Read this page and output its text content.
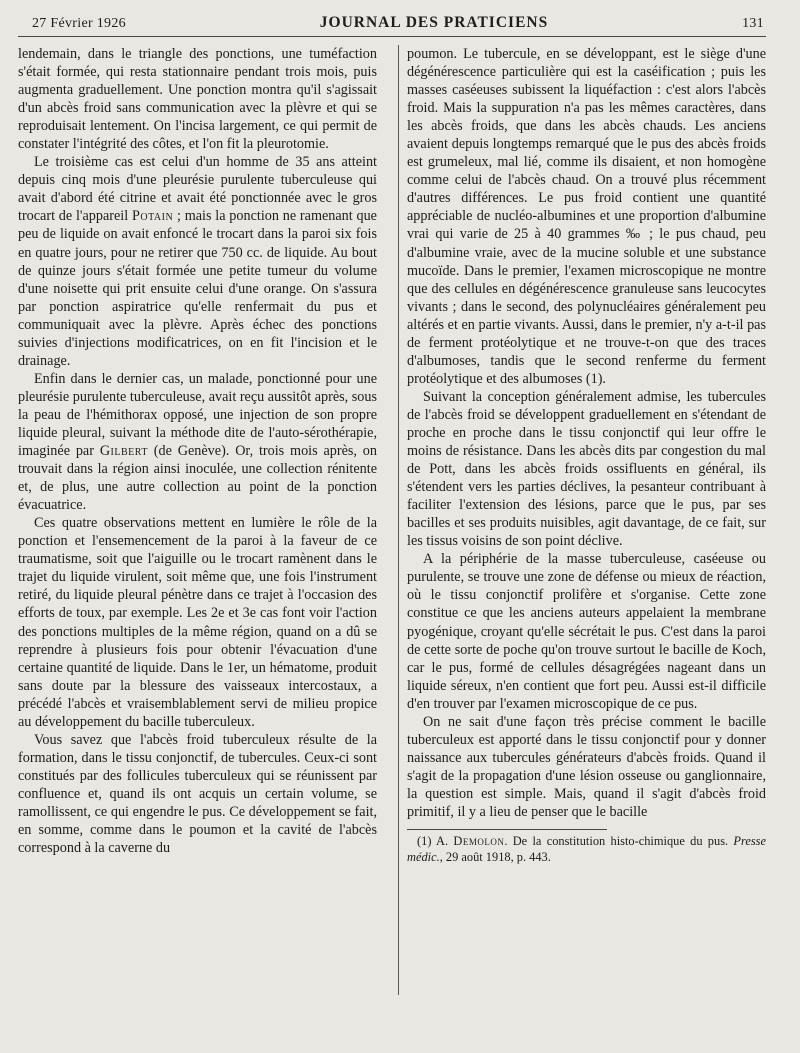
27 Février 1926	JOURNAL DES PRATICIENS	131

lendemain, dans le triangle des ponctions, une tuméfaction s'était formée, qui resta stationnaire pendant trois mois, puis augmenta graduellement. Une ponction montra qu'il s'agissait d'un abcès froid sans communication avec la plèvre et qui se reproduisait lentement. On l'incisa largement, ce qui permit de constater l'intégrité des côtes, et l'on fit la pleurotomie.

Le troisième cas est celui d'un homme de 35 ans atteint depuis cinq mois d'une pleurésie purulente tuberculeuse qui avait d'abord été citrine et avait été ponctionnée avec le gros trocart de l'appareil Potain ; mais la ponction ne ramenant que peu de liquide on avait enfoncé le trocart dans la paroi six fois en quatre jours, pour ne retirer que 750 cc. de liquide. Au bout de quinze jours s'était formée une petite tumeur du volume d'une noisette qui prit ensuite celui d'une orange. On s'assura par ponction aspiratrice qu'elle renfermait du pus et communiquait avec la plèvre. Après échec des ponctions suivies d'injections modificatrices, on en fit l'incision et le drainage.

Enfin dans le dernier cas, un malade, ponctionné pour une pleurésie purulente tuberculeuse, avait reçu aussitôt après, sous la peau de l'hémithorax opposé, une injection de son propre liquide pleural, suivant la méthode dite de l'auto-sérothérapie, imaginée par Gilbert (de Genève). Or, trois mois après, on trouvait dans la région ainsi inoculée, une collection rénitente et, de plus, une autre collection au point de la ponction évacuatrice.

Ces quatre observations mettent en lumière le rôle de la ponction et l'ensemencement de la paroi à la faveur de ce traumatisme, soit que l'aiguille ou le trocart ramènent dans le trajet du liquide virulent, soit même que, une fois l'instrument retiré, du liquide pleural pénètre dans ce trajet à l'occasion des efforts de toux, par exemple. Les 2e et 3e cas font voir l'action des ponctions multiples de la même région, quand on a dû se reprendre à plusieurs fois pour obtenir l'évacuation d'une certaine quantité de liquide. Dans le 1er, un hématome, produit sans doute par la blessure des vaisseaux intercostaux, a précédé l'abcès et vraisemblablement servi de milieu propice au développement du bacille tuberculeux.

Vous savez que l'abcès froid tuberculeux résulte de la formation, dans le tissu conjonctif, de tubercules. Ceux-ci sont constitués par des follicules tuberculeux qui se réunissent par confluence et, quand ils ont acquis un certain volume, se ramollissent, ce qui engendre le pus. Ce développement se fait, en somme, comme dans le poumon et la cavité de l'abcès correspond à la caverne du

poumon. Le tubercule, en se développant, est le siège d'une dégénérescence particulière qui est la caséification ; puis les masses caséeuses subissent la liquéfaction : c'est alors l'abcès froid. Mais la suppuration n'a pas les mêmes caractères, dans les abcès froids, que dans les abcès chauds. Les anciens avaient depuis longtemps remarqué que le pus des abcès froids est grumeleux, mal lié, comme ils disaient, et non homogène comme celui de l'abcès chaud. On a trouvé plus récemment d'autres différences. Le pus froid contient une quantité appréciable de nucléo-albumines et une proportion d'albumine vrai qui varie de 25 à 40 grammes ‰ ; le pus chaud, peu d'albumine vraie, avec de la mucine soluble et une substance mucoïde. Dans le premier, l'examen microscopique ne montre que des cellules en dégénérescence granuleuse sans leucocytes vivants ; dans le second, des polynucléaires généralement peu altérés et en partie vivants. Aussi, dans le premier, n'y a-t-il pas de ferment protéolytique et ne trouve-t-on que des traces d'albumoses, tandis que le second renferme du ferment protéolytique et des albumoses (1).

Suivant la conception généralement admise, les tubercules de l'abcès froid se développent graduellement en s'étendant de proche en proche dans le tissu conjonctif qui leur offre le moins de résistance. Dans les abcès dits par congestion du mal de Pott, dans les abcès froids ossifluents en général, ils s'étendent vers les parties déclives, la pesanteur contribuant à faciliter l'extension des lésions, parce que le pus, par ses bacilles et ses produits nuisibles, agit davantage, de ce fait, sur les tissus voisins de son point déclive.

A la périphérie de la masse tuberculeuse, caséeuse ou purulente, se trouve une zone de défense ou mieux de réaction, où le tissu conjonctif prolifère et s'organise. Cette zone constitue ce que les anciens auteurs appelaient la membrane pyogénique, croyant qu'elle sécrétait le pus. C'est dans la paroi de cette sorte de poche qu'on trouve surtout le bacille de Koch, car le pus, formé de cellules désagrégées nageant dans un liquide séreux, n'en contient que fort peu. Aussi est-il difficile d'en trouver par l'examen microscopique de ce pus.

On ne sait d'une façon très précise comment le bacille tuberculeux est apporté dans le tissu conjonctif pour y donner naissance aux tubercules générateurs d'abcès froids. Quand il s'agit de la propagation d'une lésion osseuse ou ganglionnaire, la question est simple. Mais, quand il s'agit d'abcès froid primitif, il y a lieu de penser que le bacille

(1) A. Demolon. De la constitution histo-chimique du pus. Presse médic., 29 août 1918, p. 443.
